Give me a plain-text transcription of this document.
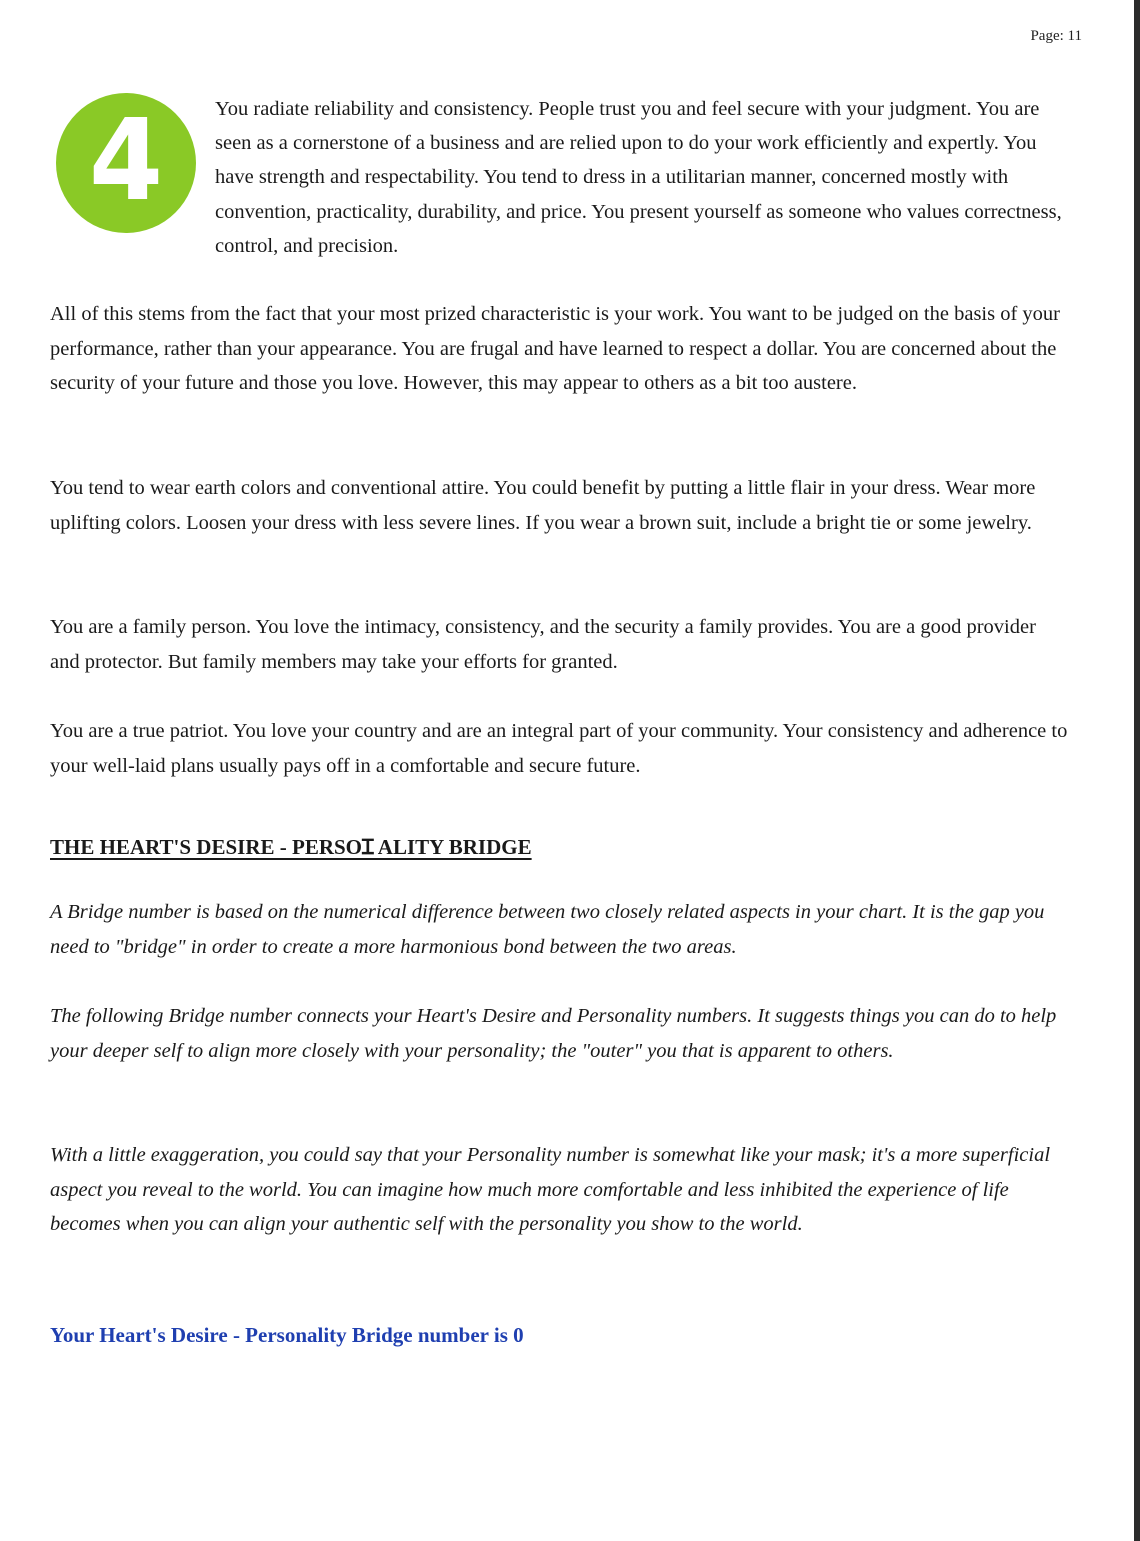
Page: 11
4	You radiate reliability and consistency. People trust you and feel secure with your judgment. You are seen as a cornerstone of a business and are relied upon to do your work efficiently and expertly. You have strength and respectability. You tend to dress in a utilitarian manner, concerned mostly with convention, practicality, durability, and price. You present yourself as someone who values correctness, control, and precision.

All of this stems from the fact that your most prized characteristic is your work. You want to be judged on the basis of your performance, rather than your appearance. You are frugal and have learned to respect a dollar. You are concerned about the security of your future and those you love. However, this may appear to others as a bit too austere.

You tend to wear earth colors and conventional attire. You could benefit by putting a little flair in your dress. Wear more uplifting colors. Loosen your dress with less severe lines. If you wear a brown suit, include a bright tie or some jewelry.

You are a family person. You love the intimacy, consistency, and the security a family provides. You are a good provider and protector. But family members may take your efforts for granted.

You are a true patriot. You love your country and are an integral part of your community. Your consistency and adherence to your well-laid plans usually pays off in a comfortable and secure future.

THE HEART'S DESIRE - PERSOꞮ ALITY BRIDGE

A Bridge number is based on the numerical difference between two closely related aspects in your chart. It is the gap you need to "bridge" in order to create a more harmonious bond between the two areas.

The following Bridge number connects your Heart's Desire and Personality numbers. It suggests things you can do to help your deeper self to align more closely with your personality; the "outer" you that is apparent to others.

With a little exaggeration, you could say that your Personality number is somewhat like your mask; it's a more superficial aspect you reveal to the world. You can imagine how much more comfortable and less inhibited the experience of life becomes when you can align your authentic self with the personality you show to the world.

Your Heart's Desire - Personality Bridge number is 0
